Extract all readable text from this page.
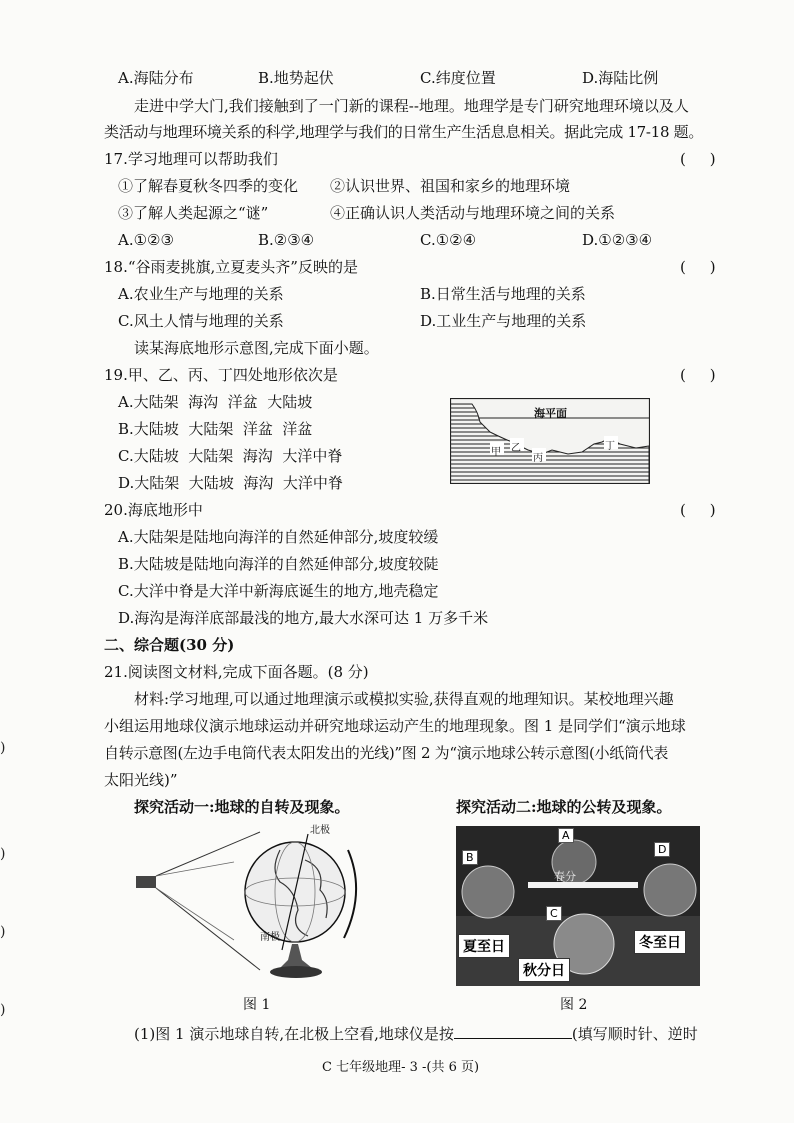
A.海陆分布	B.地势起伏	C.纬度位置	D.海陆比例
走进中学大门,我们接触到了一门新的课程--地理。地理学是专门研究地理环境以及人
类活动与地理环境关系的科学,地理学与我们的日常生产生活息息相关。据此完成 17-18 题。
17.学习地理可以帮助我们	(     )
①了解春夏秋冬四季的变化 ②认识世界、祖国和家乡的地理环境
③了解人类起源之“谜”	④正确认识人类活动与地理环境之间的关系
A.①②③	B.②③④	C.①②④	D.①②③④
18.“谷雨麦挑旗,立夏麦头齐”反映的是	(     )
A.农业生产与地理的关系	B.日常生活与地理的关系
C.风土人情与地理的关系	D.工业生产与地理的关系
读某海底地形示意图,完成下面小题。
19.甲、乙、丙、丁四处地形依次是	(     )
A.大陆架  海沟  洋盆  大陆坡
B.大陆坡  大陆架  洋盆  洋盆
C.大陆坡  大陆架  海沟  大洋中脊
D.大陆架  大陆坡  海沟  大洋中脊
海平面
甲 乙
丙
丁
20.海底地形中	(     )
A.大陆架是陆地向海洋的自然延伸部分,坡度较缓
B.大陆坡是陆地向海洋的自然延伸部分,坡度较陡
C.大洋中脊是大洋中新海底诞生的地方,地壳稳定
D.海沟是海洋底部最浅的地方,最大水深可达 1 万多千米
二、综合题(30 分)
21.阅读图文材料,完成下面各题。(8 分)
材料:学习地理,可以通过地理演示或模拟实验,获得直观的地理知识。某校地理兴趣
小组运用地球仪演示地球运动并研究地球运动产生的地理现象。图 1 是同学们“演示地球
自转示意图(左边手电筒代表太阳发出的光线)”图 2 为“演示地球公转示意图(小纸筒代表
太阳光线)”
探究活动一:地球的自转及现象。	探究活动二:地球的公转及现象。
北极
南极
图 1
A
B
C
D
春分
夏至日	冬至日
秋分日
图 2
(1)图 1 演示地球自转,在北极上空看,地球仪是按	(填写顺时针、逆时
C 七年级地理- 3 -(共 6 页)
)
)
)
)
